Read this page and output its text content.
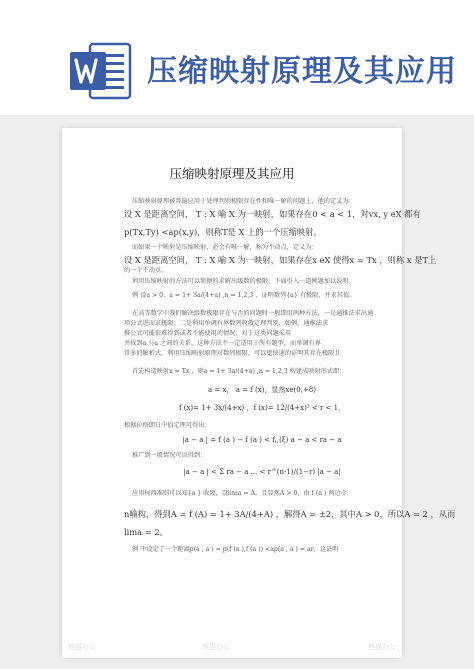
压缩映射原理及其应用
压缩映射原理及其应用
压缩映射原理被普遍应用于处理判别根限存在性和唯一解的问题上，他的定义为：
设 X 是距离空间， T : X 喻 X 为一映射，如果存在0 < a < 1，对vx, y eX 都有
p(Tx,Ty) <ap(x,y)，则称T是 X 上的一个压缩映射。
而如果一个映射是压缩映射，必会有唯一解，称为不动点，定义为：
设 X 是距离空间， T : X 喻 X 为一映射，如果存在x eX 使得x = Tx ，则称 x 是T上
的一个不动点。
利用压缩映射的方法可以简便的求解出级数的极限，下面引入一道例题加以说明。
例 设a > 0，a = 1+ 3a/(4+a) ,n = 1,2,3 ，证明数列{a} 有极限，并求其值。
在高等数学中我们解决级数极限存在与否的问题时一般即用两种方法，一是通推法求出通
项公式进而求极限；二是利用单调有界数列收敛定理判别，如例，通推法求
推公式可能很难得到或者不能使用的情况，对于这类问题采用
并找到a 与a 之间的关系，这种方法不一定适用于所有题型，而单调有界
常多的解析式。利用压缩映射原理对数列极限，可以更快速的证明其存在极限且
首先构造映射x = Tx ，则a = 1+ 3a/(4+a) ,n = 1,2,3 构建成映射形式即：
a = x， a = f (x)，显然xe(0,+8)
f (x)= 1+ 3x/(4+x) ，f (x)= 12/(4+x)² < r < 1，
根据拉格朗日中值定理可得出：
|a − a | = f (a ) − f (a ) < f,,(ξ) a − a < ra − a
推广到一般情况可以得到：
|a − a | < Σ ra − a ... < r^(n-1)/(1−r) |a − a|
应用柯西准则可以知{a } 收敛，设lima = A。且显然A > 0，由 f (a ) 两边令
n喻构，得到A = f (A) = 1+ 3A/(4+A) ，解得A = ±2，其中A > 0，所以A = 2 ，从而
lima = 2。
例 中设定了一个距离p(a , a ) = p(f (a ),f (a )) <ap(a , a ) = ar，这证明
熊猫办公	熊猫办公	熊猫办公
